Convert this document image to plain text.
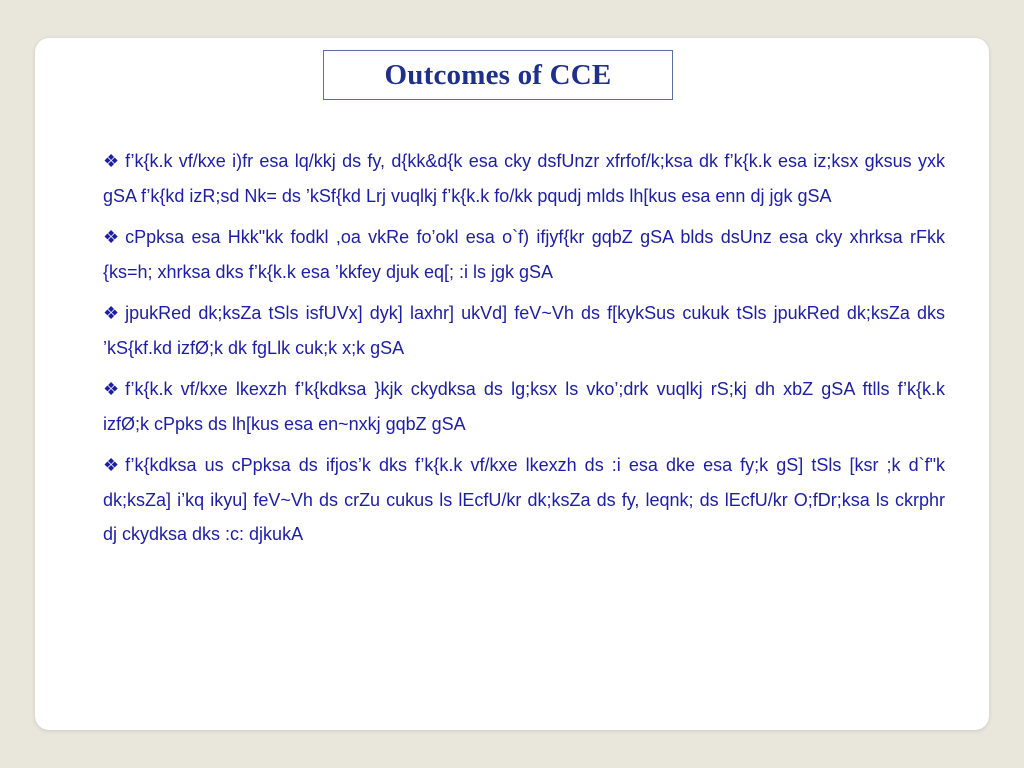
Outcomes of CCE
❖ f’k{k.k vf/kxe i)fr esa lq/kkj ds fy, d{kk&d{k esa cky dsfUnzr xfrfof/k;ksa dk f’k{k.k esa iz;ksx gksus yxk gSA f’k{kd izR;sd Nk= ds ’kSf{kd Lrj vuqlkj f’k{k.k fo/kk pqudj mlds lh[kus esa enn dj jgk gSA
❖ cPpksa esa Hkk"kk fodkl ,oa vkRe fo’okl esa o`f) ifjyf{kr gqbZ gSA blds dsUnz esa cky xhrksa rFkk {ks=h; xhrksa dks f’k{k.k esa ’kkfey djuk eq[; :i ls jgk gSA
❖ jpukRed dk;ksZa tSls isfUVx] dyk] laxhr] ukVd] feV~Vh ds f[kykSus cukuk tSls jpukRed dk;ksZa dks ’kS{kf.kd izfØ;k dk fgLlk cuk;k x;k gSA
❖ f’k{k.k vf/kxe lkexzh f’k{kdksa }kjk ckydksa ds lg;ksx ls vko’;drk vuqlkj rS;kj dh xbZ gSA ftlls f’k{k.k izfØ;k cPpks ds lh[kus esa en~nxkj gqbZ gSA
❖ f’k{kdksa us cPpksa ds ifjos’k dks f’k{k.k vf/kxe lkexzh ds :i esa dke esa fy;k gS] tSls [ksr ;k d`f"k dk;ksZa] i’kq ikyu] feV~Vh ds crZu cukus ls lEcfU/kr dk;ksZa ds fy, leqnk; ds lEcfU/kr O;fDr;ksa ls ckrphr dj ckydksa dks :c: djkukA
